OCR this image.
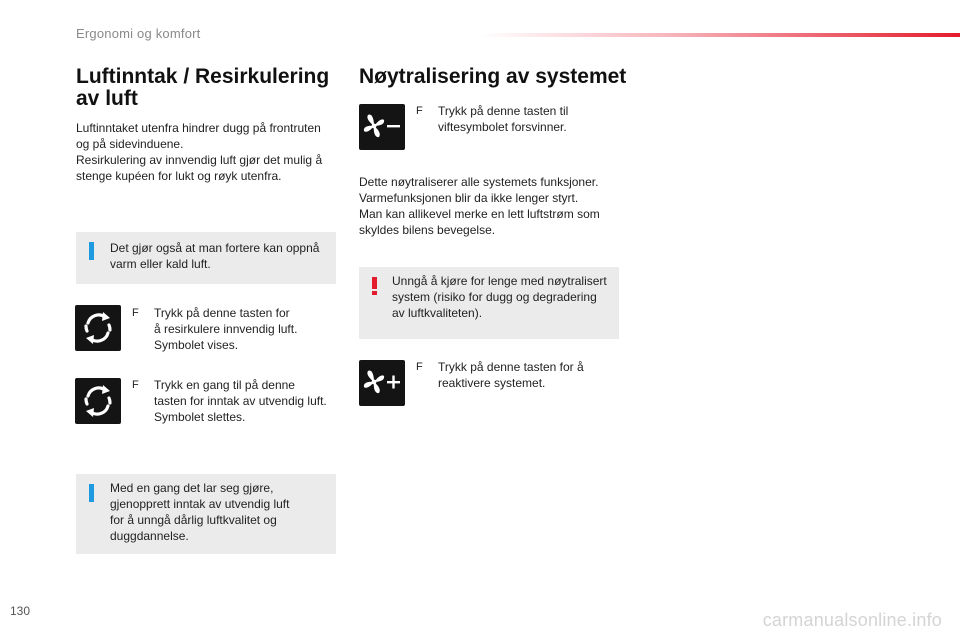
Ergonomi og komfort
Luftinntak / Resirkulering
av luft

Luftinntaket utenfra hindrer dugg på frontruten

og på sidevinduene.

Resirkulering av innvendig luft gjør det mulig å

stenge kupéen for lukt og røyk utenfra.

Det gjør også at man fortere kan oppnå
varm eller kald luft.
F Trykk på denne tasten for
å resirkulere innvendig luft.
Symbolet vises.
F Trykk en gang til på denne
tasten for inntak av utvendig luft.
Symbolet slettes.
Med en gang det lar seg gjøre,
gjenopprett inntak av utvendig luft
for å unngå dårlig luftkvalitet og
duggdannelse.
Nøytralisering av systemet
F Trykk på denne tasten til
viftesymbolet forsvinner.

Dette nøytraliserer alle systemets funksjoner.

Varmefunksjonen blir da ikke lenger styrt.

Man kan allikevel merke en lett luftstrøm som

skyldes bilens bevegelse.

Unngå å kjøre for lenge med nøytralisert
system (risiko for dugg og degradering
av luftkvaliteten).
F Trykk på denne tasten for å
reaktivere systemet.
130	carmanualsonline.info
